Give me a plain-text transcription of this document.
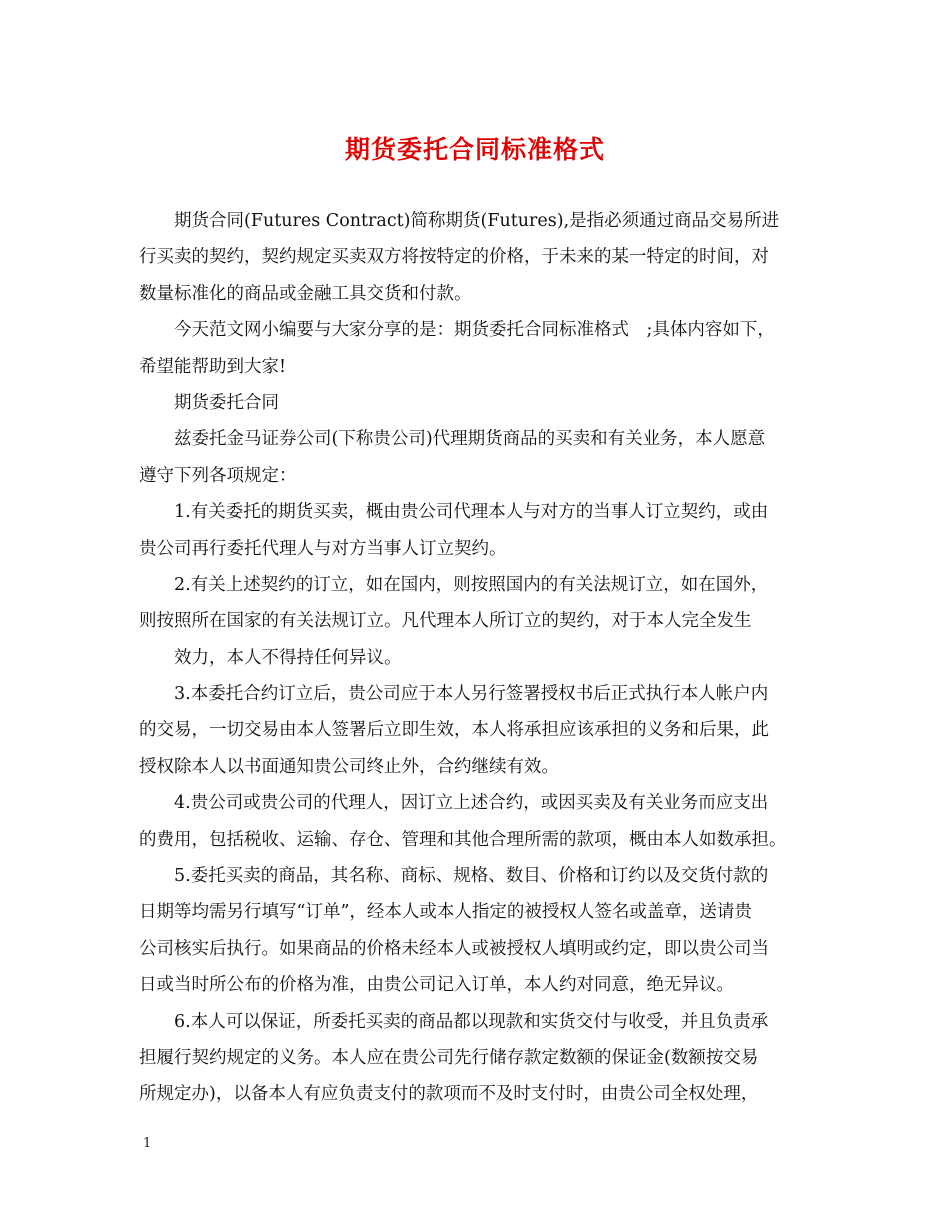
期货委托合同标准格式
期货合同(Futures Contract)简称期货(Futures),是指必须通过商品交易所进
行买卖的契约，契约规定买卖双方将按特定的价格，于未来的某一特定的时间，对
数量标准化的商品或金融工具交货和付款。
今天范文网小编要与大家分享的是：期货委托合同标准格式　;具体内容如下，
希望能帮助到大家!
期货委托合同
兹委托金马证券公司(下称贵公司)代理期货商品的买卖和有关业务，本人愿意
遵守下列各项规定：
1.有关委托的期货买卖，概由贵公司代理本人与对方的当事人订立契约，或由
贵公司再行委托代理人与对方当事人订立契约。
2.有关上述契约的订立，如在国内，则按照国内的有关法规订立，如在国外，
则按照所在国家的有关法规订立。凡代理本人所订立的契约，对于本人完全发生
效力，本人不得持任何异议。
3.本委托合约订立后，贵公司应于本人另行签署授权书后正式执行本人帐户内
的交易，一切交易由本人签署后立即生效，本人将承担应该承担的义务和后果，此
授权除本人以书面通知贵公司终止外，合约继续有效。
4.贵公司或贵公司的代理人，因订立上述合约，或因买卖及有关业务而应支出
的费用，包括税收、运输、存仓、管理和其他合理所需的款项，概由本人如数承担。
5.委托买卖的商品，其名称、商标、规格、数目、价格和订约以及交货付款的
日期等均需另行填写“订单”，经本人或本人指定的被授权人签名或盖章，送请贵
公司核实后执行。如果商品的价格未经本人或被授权人填明或约定，即以贵公司当
日或当时所公布的价格为准，由贵公司记入订单，本人约对同意，绝无异议。
6.本人可以保证，所委托买卖的商品都以现款和实货交付与收受，并且负责承
担履行契约规定的义务。本人应在贵公司先行储存款定数额的保证金(数额按交易
所规定办)，以备本人有应负责支付的款项而不及时支付时，由贵公司全权处理，
1
